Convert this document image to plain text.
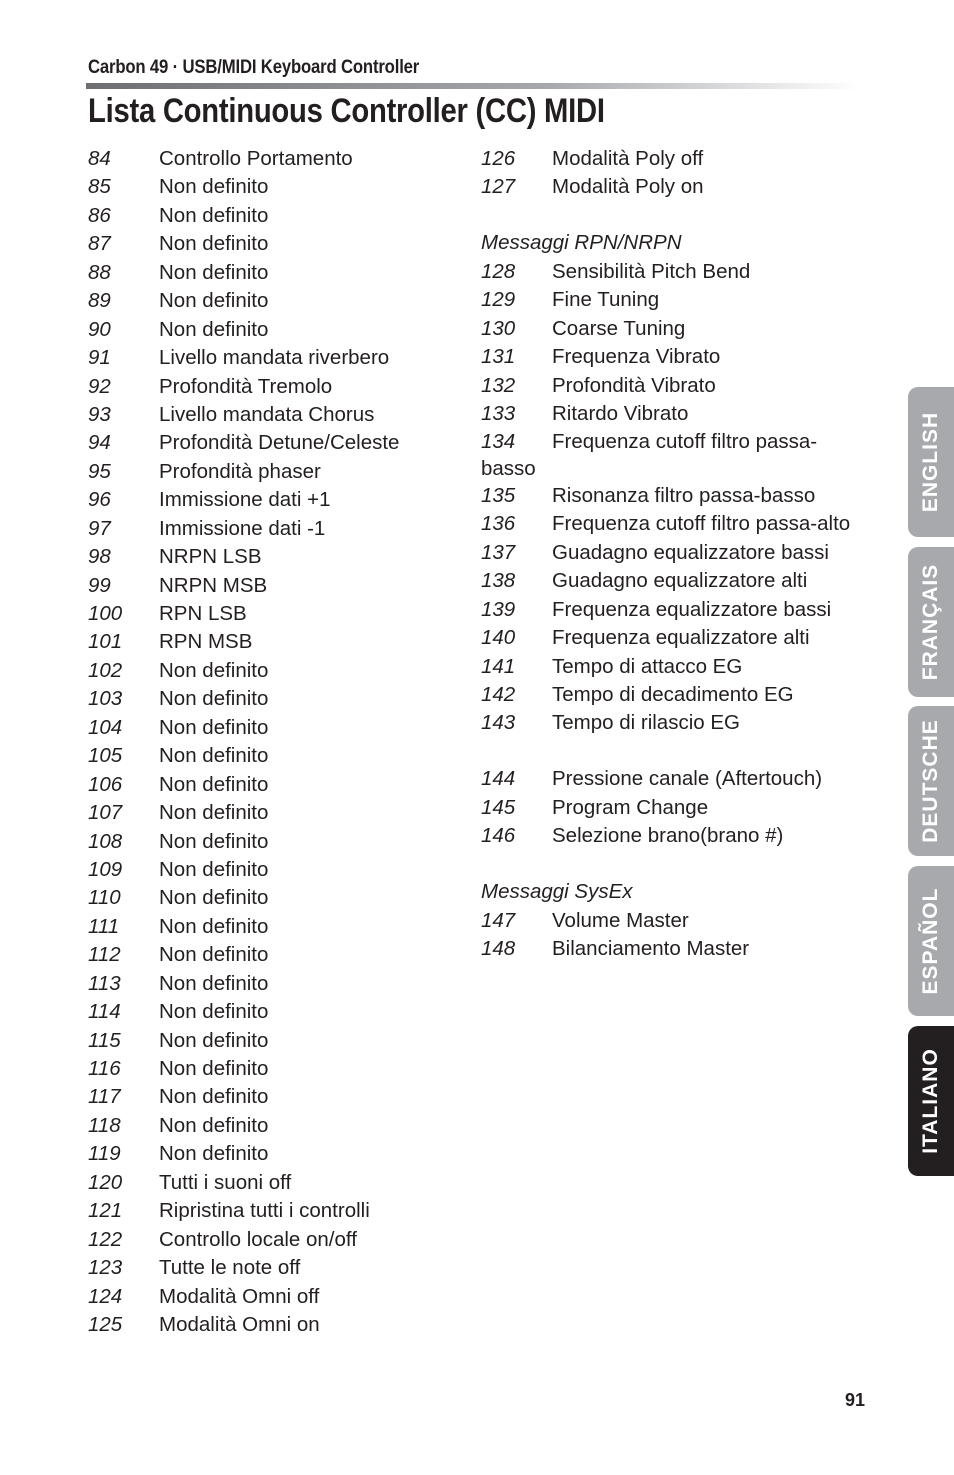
Carbon 49 · USB/MIDI Keyboard Controller
Lista Continuous Controller (CC) MIDI
84 Controllo Portamento
85 Non definito
86 Non definito
87 Non definito
88 Non definito
89 Non definito
90 Non definito
91 Livello mandata riverbero
92 Profondità Tremolo
93 Livello mandata Chorus
94 Profondità Detune/Celeste
95 Profondità phaser
96 Immissione dati +1
97 Immissione dati -1
98 NRPN LSB
99 NRPN MSB
100 RPN LSB
101 RPN MSB
102 Non definito
103 Non definito
104 Non definito
105 Non definito
106 Non definito
107 Non definito
108 Non definito
109 Non definito
110 Non definito
111 Non definito
112 Non definito
113 Non definito
114 Non definito
115 Non definito
116 Non definito
117 Non definito
118 Non definito
119 Non definito
120 Tutti i suoni off
121 Ripristina tutti i controlli
122 Controllo locale on/off
123 Tutte le note off
124 Modalità Omni off
125 Modalità Omni on
126 Modalità Poly off
127 Modalità Poly on
Messaggi RPN/NRPN
128 Sensibilità Pitch Bend
129 Fine Tuning
130 Coarse Tuning
131 Frequenza Vibrato
132 Profondità Vibrato
133 Ritardo Vibrato
134 Frequenza cutoff filtro passa-
basso
135 Risonanza filtro passa-basso
136 Frequenza cutoff filtro passa-alto
137 Guadagno equalizzatore bassi
138 Guadagno equalizzatore alti
139 Frequenza equalizzatore bassi
140 Frequenza equalizzatore alti
141 Tempo di attacco EG
142 Tempo di decadimento EG
143 Tempo di rilascio EG
144 Pressione canale (Aftertouch)
145 Program Change
146 Selezione brano(brano #)
Messaggi SysEx
147 Volume Master
148 Bilanciamento Master
ENGLISH
FRANÇAIS
DEUTSCHE
ESPAÑOL
ITALIANO
91
